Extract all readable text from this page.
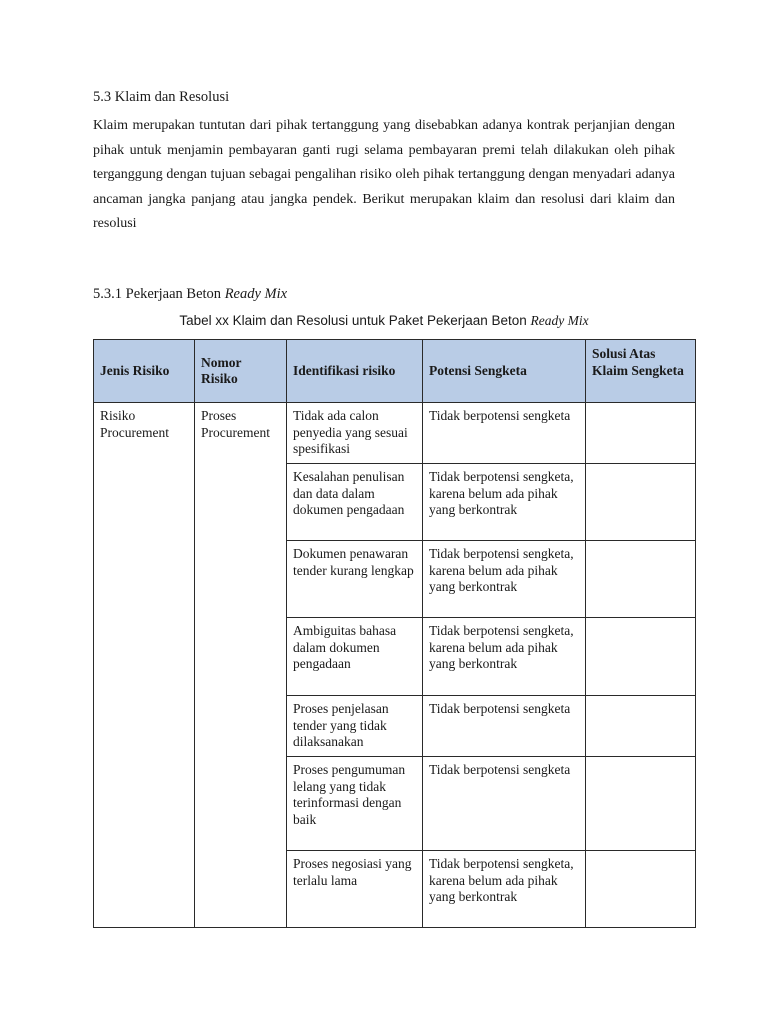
5.3 Klaim dan Resolusi

Klaim merupakan tuntutan dari pihak tertanggung yang disebabkan adanya kontrak perjanjian dengan pihak untuk menjamin pembayaran ganti rugi selama pembayaran premi telah dilakukan oleh pihak terganggung dengan tujuan sebagai pengalihan risiko oleh pihak tertanggung dengan menyadari adanya ancaman jangka panjang atau jangka pendek. Berikut merupakan klaim dan resolusi dari klaim dan resolusi

5.3.1 Pekerjaan Beton Ready Mix
Tabel xx Klaim dan Resolusi untuk Paket Pekerjaan Beton Ready Mix
Jenis Risiko	Nomor Risiko	Identifikasi risiko	Potensi Sengketa	Solusi Atas Klaim Sengketa
Risiko Procurement	Proses Procurement	Tidak ada calon penyedia yang sesuai spesifikasi	Tidak berpotensi sengketa	
		Kesalahan penulisan dan data dalam dokumen pengadaan	Tidak berpotensi sengketa, karena belum ada pihak yang berkontrak	
		Dokumen penawaran tender kurang lengkap	Tidak berpotensi sengketa, karena belum ada pihak yang berkontrak	
		Ambiguitas bahasa dalam dokumen pengadaan	Tidak berpotensi sengketa, karena belum ada pihak yang berkontrak	
		Proses penjelasan tender yang tidak dilaksanakan	Tidak berpotensi sengketa	
		Proses pengumuman lelang yang tidak terinformasi dengan baik	Tidak berpotensi sengketa	
		Proses negosiasi yang terlalu lama	Tidak berpotensi sengketa, karena belum ada pihak yang berkontrak	
